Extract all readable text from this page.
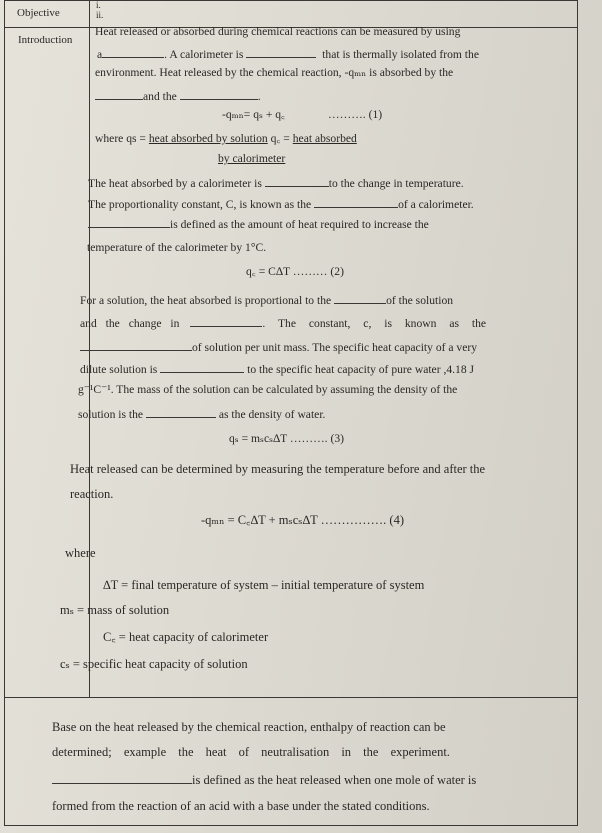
Objective
i.
ii.
Introduction
Heat released or absorbed during chemical reactions can be measured by using
a	. A calorimeter is	that is thermally isolated from the
environment. Heat released by the chemical reaction, -qₘₙ is absorbed by the
and the	.
-qₘₙ= qₛ + q꜀	………. (1)
where qs = heat absorbed by solution q꜀ = heat absorbed
by calorimeter
The heat absorbed by a calorimeter is	to the change in temperature.
The proportionality constant, C, is known as the	of a calorimeter.
is defined as the amount of heat required to increase the
temperature of the calorimeter by 1°C.
q꜀ = C∆T ……… (2)
For a solution, the heat absorbed is proportional to the	of the solution
and the change in	. The constant, c, is known as the
of solution per unit mass. The specific heat capacity of a very
dilute solution is	to the specific heat capacity of pure water ,4.18 J
g⁻¹C⁻¹. The mass of the solution can be calculated by assuming the density of the
solution is the	as the density of water.
qₛ = mₛcₛ∆T ………. (3)
Heat released can be determined by measuring the temperature before and after the
reaction.
-qₘₙ = C꜀∆T + mₛcₛ∆T ……………. (4)
where
∆T = final temperature of system – initial temperature of system
mₛ = mass of solution
C꜀ = heat capacity of calorimeter
cₛ = specific heat capacity of solution
Base on the heat released by the chemical reaction, enthalpy of reaction can be
determined; example the heat of neutralisation in the experiment.
is defined as the heat released when one mole of water is
formed from the reaction of an acid with a base under the stated conditions.
